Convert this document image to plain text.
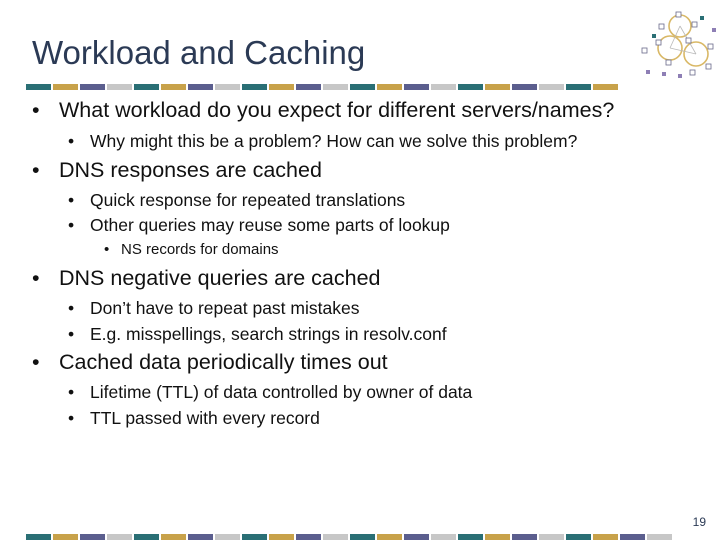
Workload and Caching
• What workload do you expect for different servers/names?
• Why might this be a problem? How can we solve this problem?
• DNS responses are cached
• Quick response for repeated translations
• Other queries may reuse some parts of lookup
• NS records for domains
• DNS negative queries are cached
• Don’t have to repeat past mistakes
• E.g. misspellings, search strings in resolv.conf
• Cached data periodically times out
• Lifetime (TTL) of data controlled by owner of data
• TTL passed with every record
19
